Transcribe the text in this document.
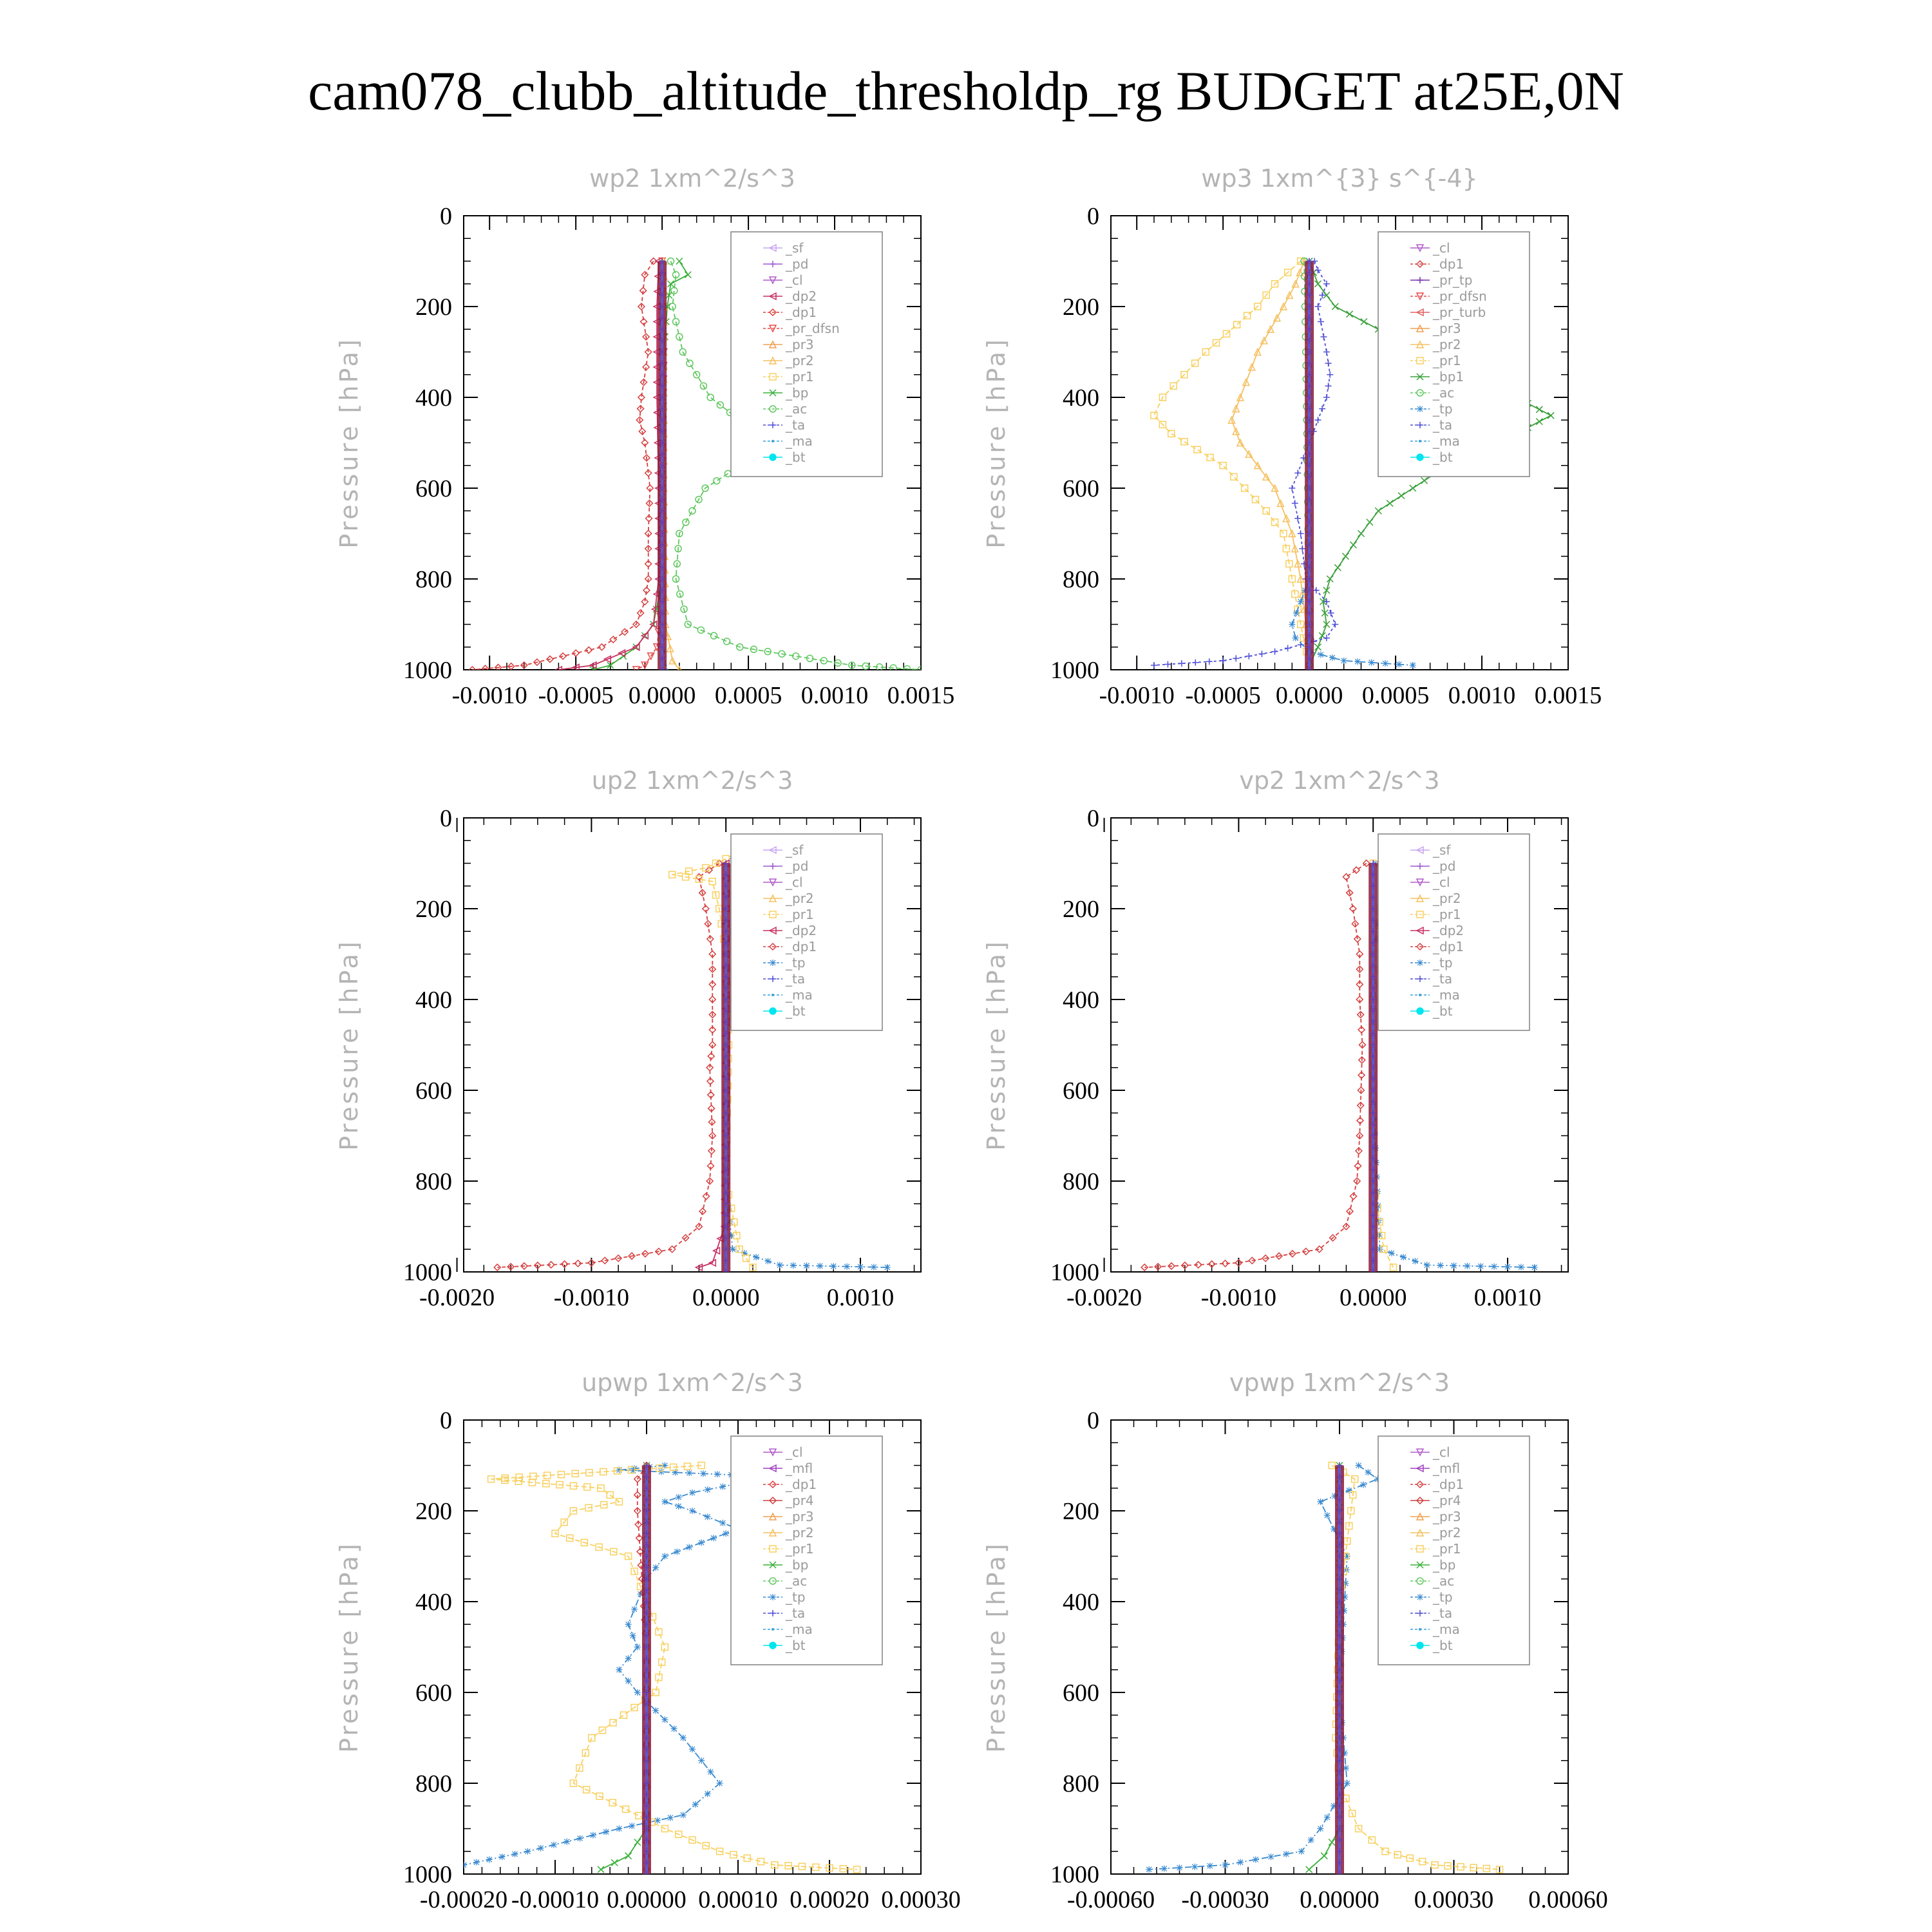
cam078_clubb_altitude_thresholdp_rg BUDGET at25E,0N
wp2 1xm^2/s^3
Pressure [hPa]
0
200
400
600
800
1000
-0.0010 -0.0005 0.0000 0.0005 0.0010 0.0015
_sf
_pd
_cl
_dp2
_dp1
_pr_dfsn
_pr3
_pr2
_pr1
_bp
_ac
_ta
_ma
_bt
wp3 1xm^{3} s^{-4}
Pressure [hPa]
0
200
400
600
800
1000
-0.0010 -0.0005 0.0000 0.0005 0.0010 0.0015
_cl
_dp1
_pr_tp
_pr_dfsn
_pr_turb
_pr3
_pr2
_pr1
_bp1
_ac
_tp
_ta
_ma
_bt
up2 1xm^2/s^3
Pressure [hPa]
0
200
400
600
800
1000
-0.0020 -0.0010	0.0000	0.0010
_sf
_pd
_cl
_pr2
_pr1
_dp2
_dp1
_tp
_ta
_ma
_bt
vp2 1xm^2/s^3
Pressure [hPa]
0
200
400
600
800
1000
-0.0020 -0.0010	0.0000	0.0010
_sf
_pd
_cl
_pr2
_pr1
_dp2
_dp1
_tp
_ta
_ma
_bt
upwp 1xm^2/s^3
Pressure [hPa]
0
200
400
600
800
1000
-0.00020 -0.00010 0.00000 0.00010 0.00020 0.00030
_cl
_mfl
_dp1
_pr4
_pr3
_pr2
_pr1
_bp
_ac
_tp
_ta
_ma
_bt
vpwp 1xm^2/s^3
Pressure [hPa]
0
200
400
600
800
1000
-0.00060 -0.00030 0.00000 0.00030 0.00060
_cl
_mfl
_dp1
_pr4
_pr3
_pr2
_pr1
_bp
_ac
_tp
_ta
_ma
_bt
